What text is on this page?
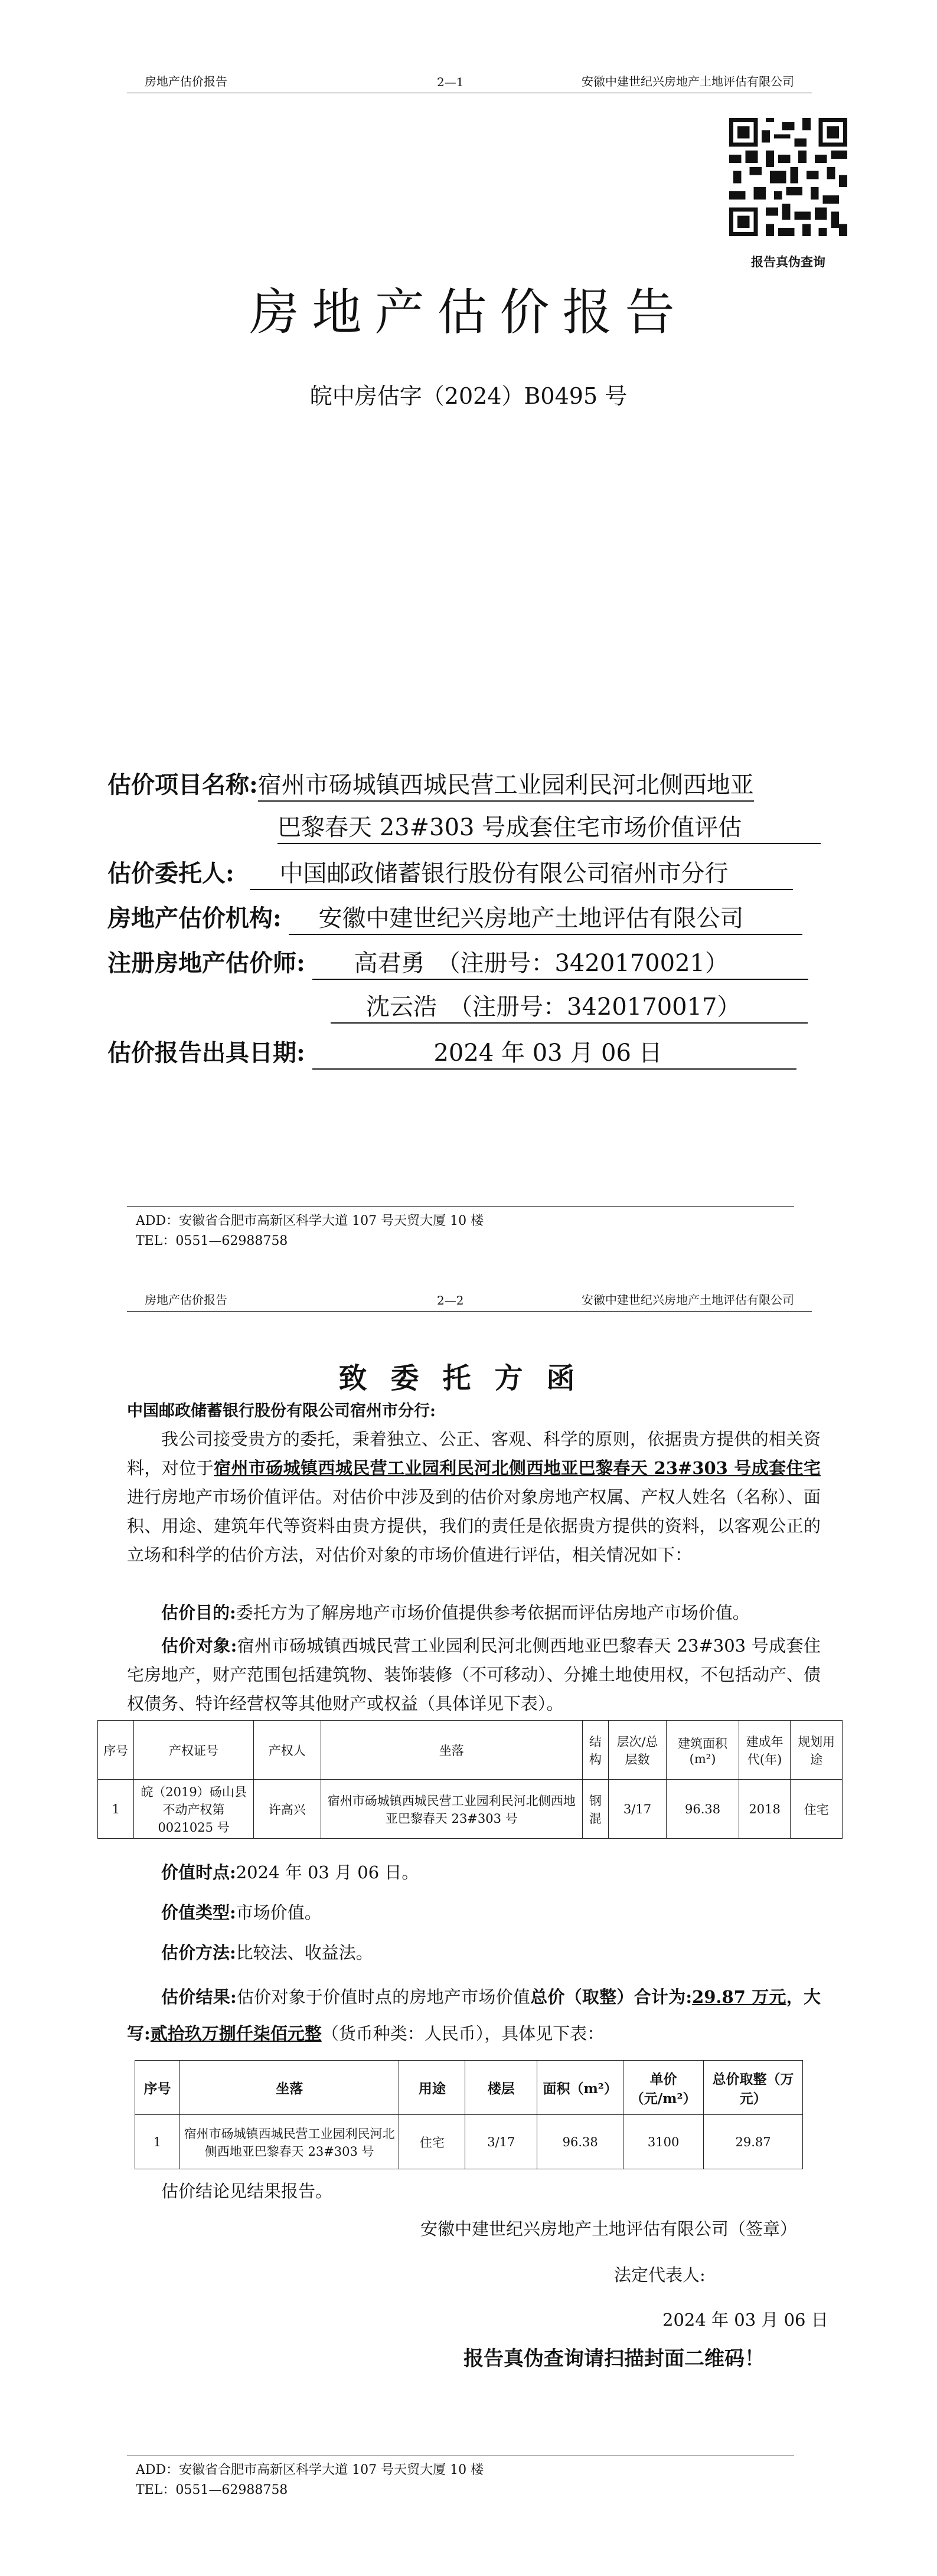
房地产估价报告	2—1	安徽中建世纪兴房地产土地评估有限公司
报告真伪查询
房地产估价报告
皖中房估字（2024）B0495 号
估价项目名称:宿州市砀城镇西城民营工业园利民河北侧西地亚
巴黎春天 23#303 号成套住宅市场价值评估
估价委托人: 中国邮政储蓄银行股份有限公司宿州市分行
房地产估价机构: 安徽中建世纪兴房地产土地评估有限公司
注册房地产估价师: 高君勇　（注册号：3420170021）
沈云浩　（注册号：3420170017）
估价报告出具日期:	2024 年 03 月 06 日
ADD：安徽省合肥市高新区科学大道 107 号天贸大厦 10 楼
TEL：0551—62988758
房地产估价报告	2—2	安徽中建世纪兴房地产土地评估有限公司
致委托方函
中国邮政储蓄银行股份有限公司宿州市分行:
我公司接受贵方的委托，秉着独立、公正、客观、科学的原则，依据贵方提供的相关资料，对位于宿州市砀城镇西城民营工业园利民河北侧西地亚巴黎春天 23#303 号成套住宅进行房地产市场价值评估。对估价中涉及到的估价对象房地产权属、产权人姓名（名称）、面积、用途、建筑年代等资料由贵方提供，我们的责任是依据贵方提供的资料，以客观公正的立场和科学的估价方法，对估价对象的市场价值进行评估，相关情况如下：
估价目的:委托方为了解房地产市场价值提供参考依据而评估房地产市场价值。
估价对象:宿州市砀城镇西城民营工业园利民河北侧西地亚巴黎春天 23#303 号成套住宅房地产，财产范围包括建筑物、装饰装修（不可移动）、分摊土地使用权，不包括动产、债权债务、特许经营权等其他财产或权益（具体详见下表）。
序号	产权证号	产权人	坐落	结构	层次/总层数	建筑面积(m²)	建成年代(年)	规划用途
1	皖（2019）砀山县不动产权第 0021025 号	许高兴	宿州市砀城镇西城民营工业园利民河北侧西地亚巴黎春天 23#303 号	钢混	3/17	96.38	2018	住宅
价值时点:2024 年 03 月 06 日。
价值类型:市场价值。
估价方法:比较法、收益法。
估价结果:估价对象于价值时点的房地产市场价值总价（取整）合计为:29.87 万元，大写:贰拾玖万捌仟柒佰元整（货币种类：人民币），具体见下表：
序号	坐落	用途	楼层	面积（m²）	单价（元/m²）	总价取整（万元）
1	宿州市砀城镇西城民营工业园利民河北侧西地亚巴黎春天 23#303 号	住宅	3/17	96.38	3100	29.87
估价结论见结果报告。
安徽中建世纪兴房地产土地评估有限公司（签章）
法定代表人:
2024 年 03 月 06 日
报告真伪查询请扫描封面二维码！
ADD：安徽省合肥市高新区科学大道 107 号天贸大厦 10 楼
TEL：0551—62988758
